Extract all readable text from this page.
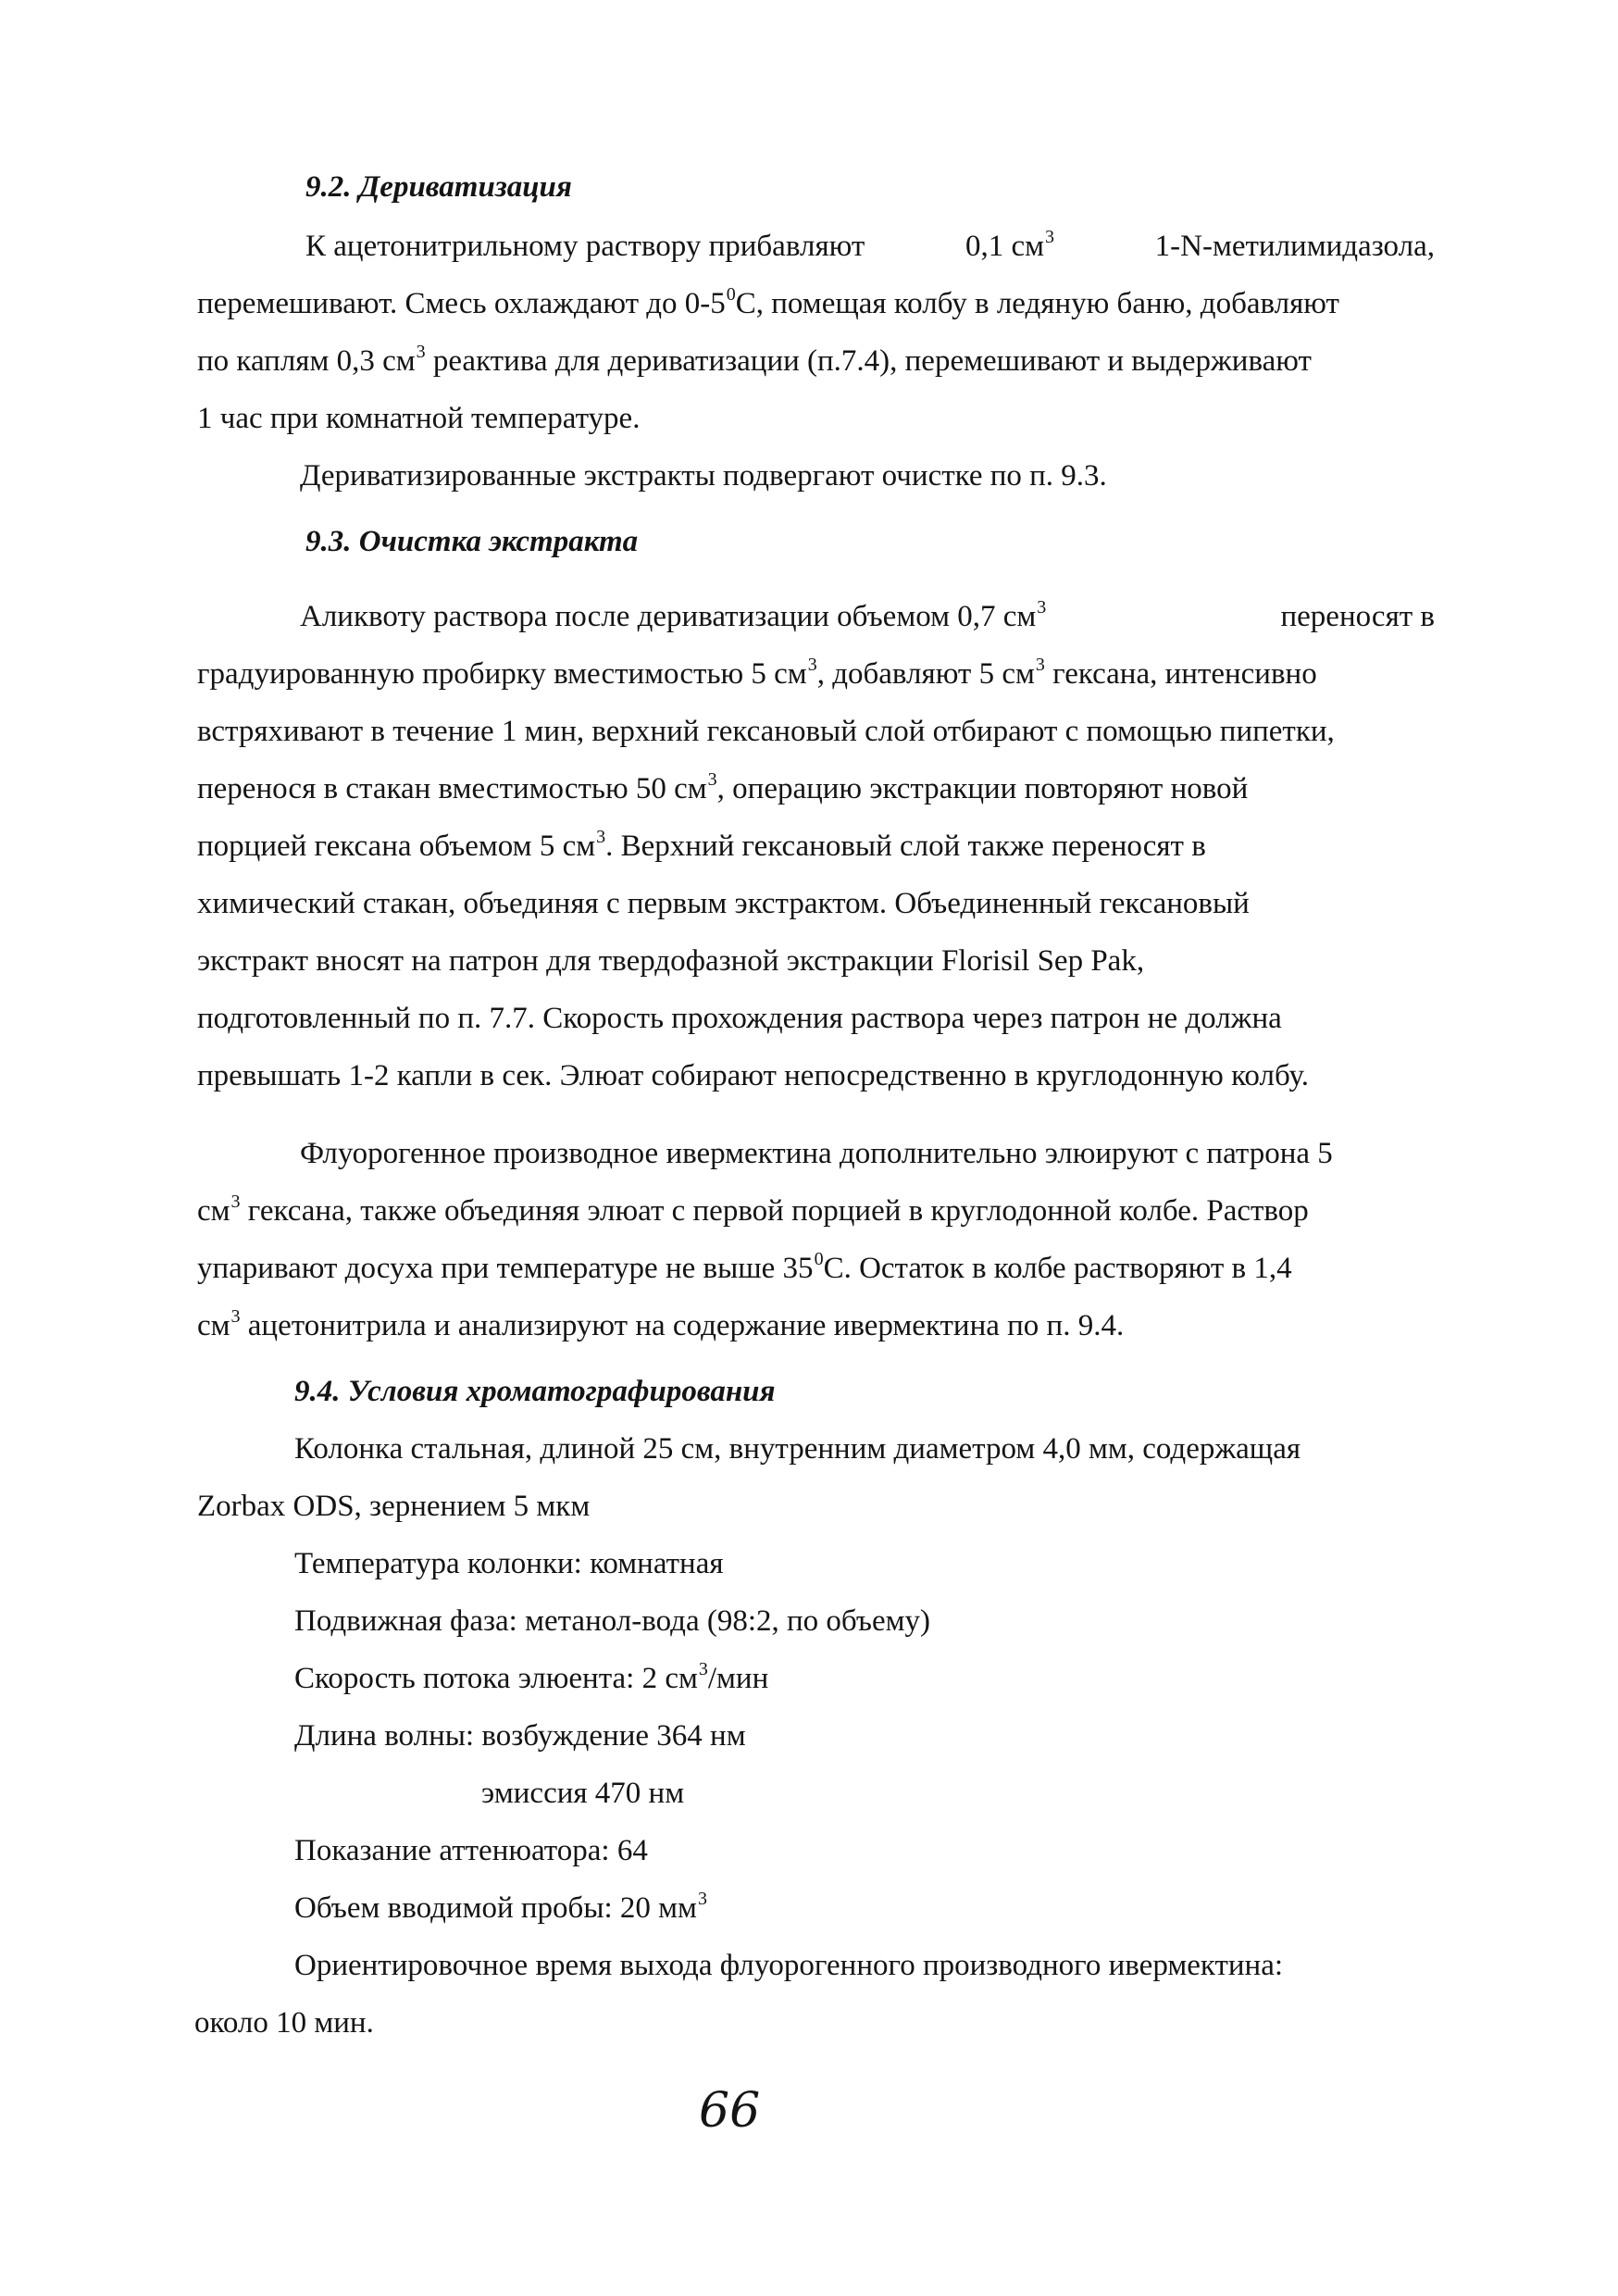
9.2. Дериватизация
К ацетонитрильному раствору прибавляют	0,1 $см^3$	1-N-метилимидазола,
перемешивают. Смесь охлаждают до $0-5^0С$, помещая колбу в ледяную баню, добавляют
по каплям 0,3 $см^3$ реактива для дериватизации (п.7.4), перемешивают и выдерживают
1 час при комнатной температуре.
Дериватизированные экстракты подвергают очистке по п. 9.3.
9.3. Очистка экстракта
Аликвоту раствора после дериватизации объемом 0,7 $см^3$	переносят в
градуированную пробирку вместимостью 5 $см^3$, добавляют 5 $см^3$ гексана, интенсивно
встряхивают в течение 1 мин, верхний гексановый слой отбирают с помощью пипетки,
перенося в стакан вместимостью 50 $см^3$, операцию экстракции повторяют новой
порцией гексана объемом 5 $см^3$. Верхний гексановый слой также переносят в
химический стакан, объединяя с первым экстрактом. Объединенный гексановый
экстракт вносят на патрон для твердофазной экстракции Florisil Sep Pak,
подготовленный по п. 7.7. Скорость прохождения раствора через патрон не должна
превышать 1-2 капли в сек. Элюат собирают непосредственно в круглодонную колбу.
Флуорогенное производное ивермектина дополнительно элюируют с патрона 5
$см^3$ гексана, также объединяя элюат с первой порцией в круглодонной колбе. Раствор
упаривают досуха при температуре не выше $35^0С$. Остаток в колбе растворяют в 1,4
$см^3$ ацетонитрила и анализируют на содержание ивермектина по п. 9.4.
9.4. Условия хроматографирования
Колонка стальная, длиной 25 см, внутренним диаметром 4,0 мм, содержащая
Zorbax ODS, зернением 5 мкм
Температура колонки: комнатная
Подвижная фаза: метанол-вода (98:2, по объему)
Скорость потока элюента: 2 $см^3$/мин
Длина волны: возбуждение 364 нм
эмиссия 470 нм
Показание аттенюатора: 64
Объем вводимой пробы: 20 $мм^3$
Ориентировочное время выхода флуорогенного производного ивермектина:
около 10 мин.
66
